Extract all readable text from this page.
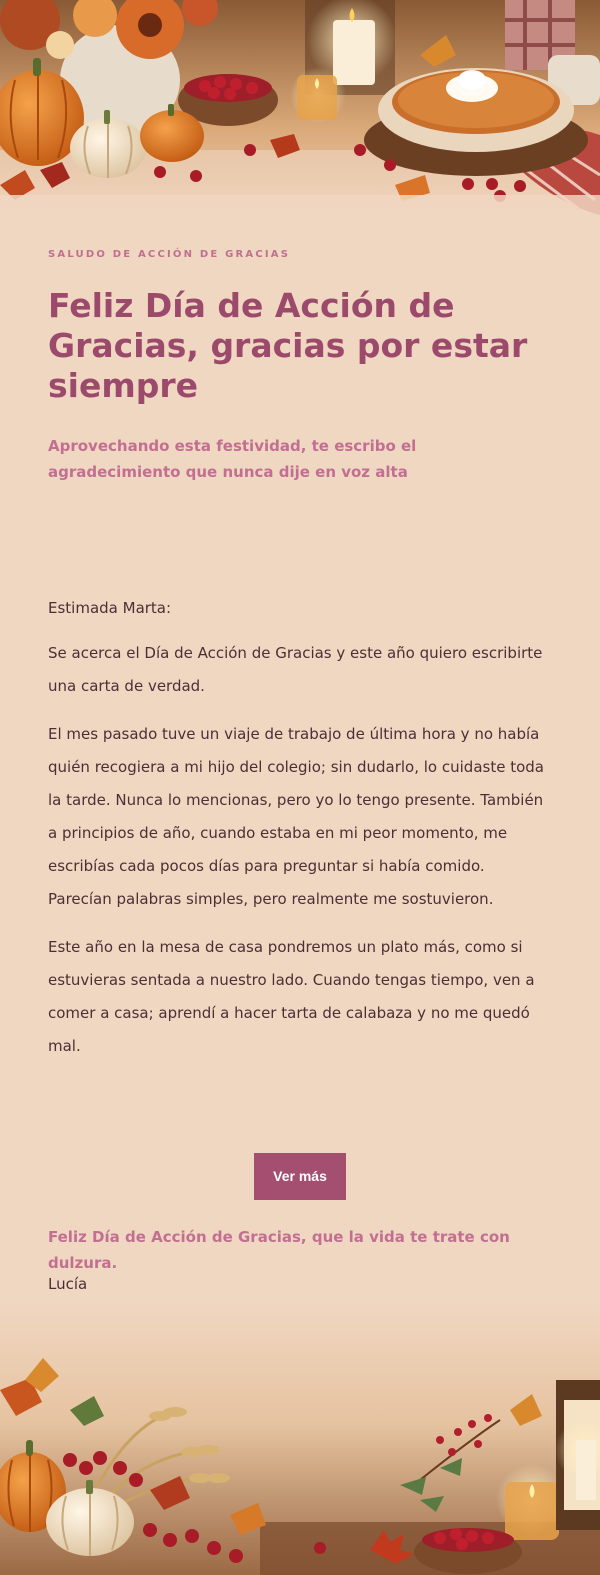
SALUDO DE ACCIÓN DE GRACIAS
Feliz Día de Acción de Gracias, gracias por estar siempre

Aprovechando esta festividad, te escribo el agradecimiento que nunca dije en voz alta

Estimada Marta:

Se acerca el Día de Acción de Gracias y este año quiero escribirte una carta de verdad.

El mes pasado tuve un viaje de trabajo de última hora y no había quién recogiera a mi hijo del colegio; sin dudarlo, lo cuidaste toda la tarde. Nunca lo mencionas, pero yo lo tengo presente. También a principios de año, cuando estaba en mi peor momento, me escribías cada pocos días para preguntar si había comido. Parecían palabras simples, pero realmente me sostuvieron.

Este año en la mesa de casa pondremos un plato más, como si estuvieras sentada a nuestro lado. Cuando tengas tiempo, ven a comer a casa; aprendí a hacer tarta de calabaza y no me quedó mal.

Ver más
Feliz Día de Acción de Gracias, que la vida te trate con dulzura.
Lucía
